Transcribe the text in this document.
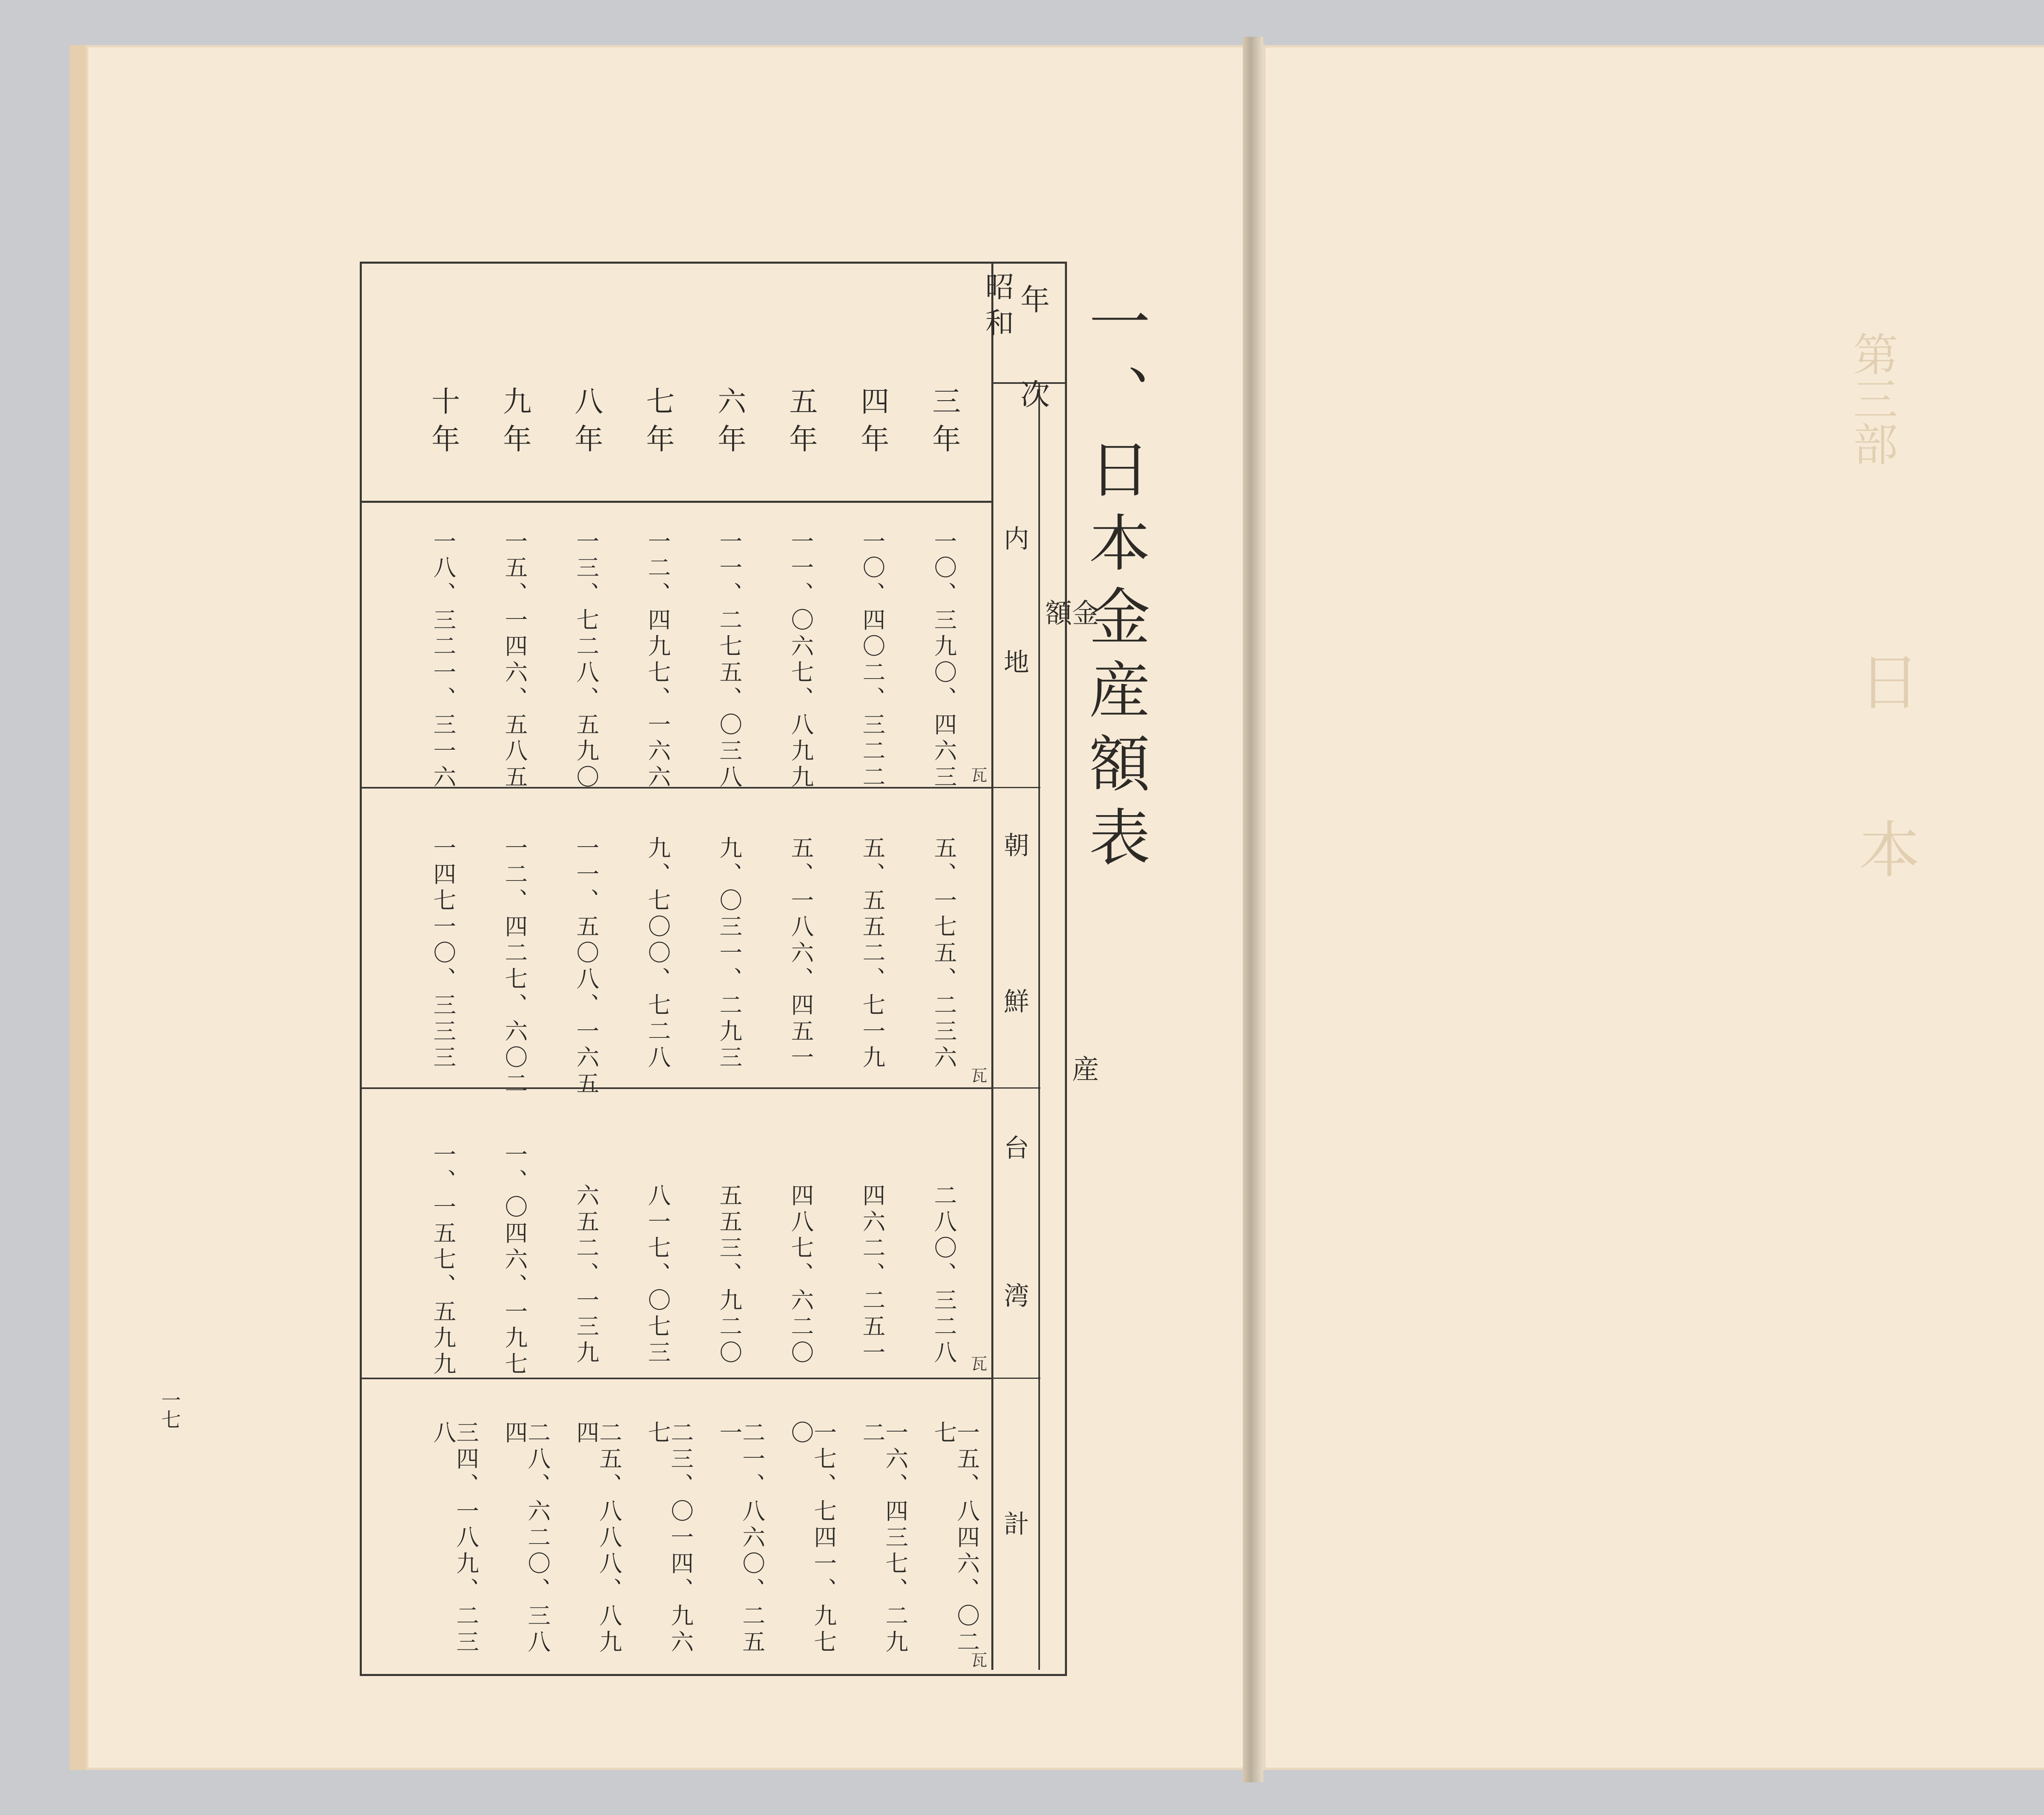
一、日本金産額表
年次
昭和
三年
四年
五年
六年
七年
八年
九年
十年
金産額
内地
朝鮮
台湾
計
瓦
瓦
瓦
瓦
一〇、三九〇、四六三
一〇、四〇二、三二二
一一、〇六七、八九九
一一、二七五、〇三八
一二、四九七、一六六
一三、七二八、五九〇
一五、一四六、五八五
一八、三二一、三一六
五、一七五、二三六
五、五五二、七一九
五、一八六、四五一
九、〇三一、二九三
九、七〇〇、七二八
一一、五〇八、一六五
一二、四二七、六〇二
一四七一〇、三三三
二八〇、三二八
四六二、二五一
四八七、六二〇
五五三、九二〇
八一七、〇七三
六五二、一三九
一、〇四六、一九七
一、一五七、五九九
一五、八四六、〇二七
一六、四三七、二九二
一七、七四一、九七〇
二一、八六〇、二五一
二三、〇一四、九六七
二五、八八八、八九四
二八、六二〇、三八四
三四、一八九、二三八
一七
第三部
日本
